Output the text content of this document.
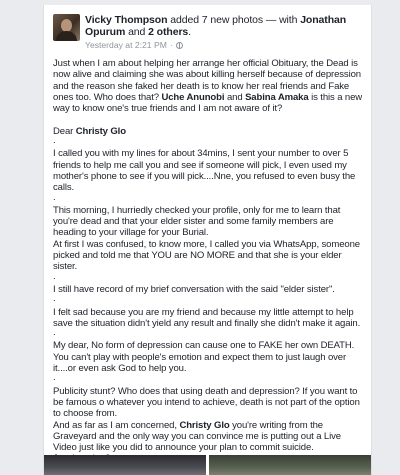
Vicky Thompson added 7 new photos — with Jonathan Opurum and 2 others.
Yesterday at 2:21 PM ·

Just when I am about helping her arrange her official Obituary, the Dead is now alive and claiming she was about killing herself because of depression and the reason she faked her death is to know her real friends and Fake ones too. Who does that? Uche Anunobi and Sabina Amaka is this a new way to know one's true friends and I am not aware of it?

Dear Christy Glo

.

I called you with my lines for about 34mins, I sent your number to over 5 friends to help me call you and see if someone will pick, I even used my mother's phone to see if you will pick....Nne, you refused to even busy the calls.

.

This morning, I hurriedly checked your profile, only for me to learn that you're dead and that your elder sister and some family members are heading to your village for your Burial.

At first I was confused, to know more, I called you via WhatsApp, someone picked and told me that YOU are NO MORE and that she is your elder sister.

.

I still have record of my brief conversation with the said "elder sister".

.

I felt sad because you are my friend and because my little attempt to help save the situation didn't yield any result and finally she didn't make it again.

.

My dear, No form of depression can cause one to FAKE her own DEATH. You can't play with people's emotion and expect them to just laugh over it....or even ask God to help you.

.

Publicity stunt? Who does that using death and depression? If you want to be famous o whatever you intend to achieve, death is not part of the option to choose from.

And as far as I am concerned, Christy Glo you're writing from the Graveyard and the only way you can convince me is putting out a Live Video just like you did to announce your plan to commit suicide.
